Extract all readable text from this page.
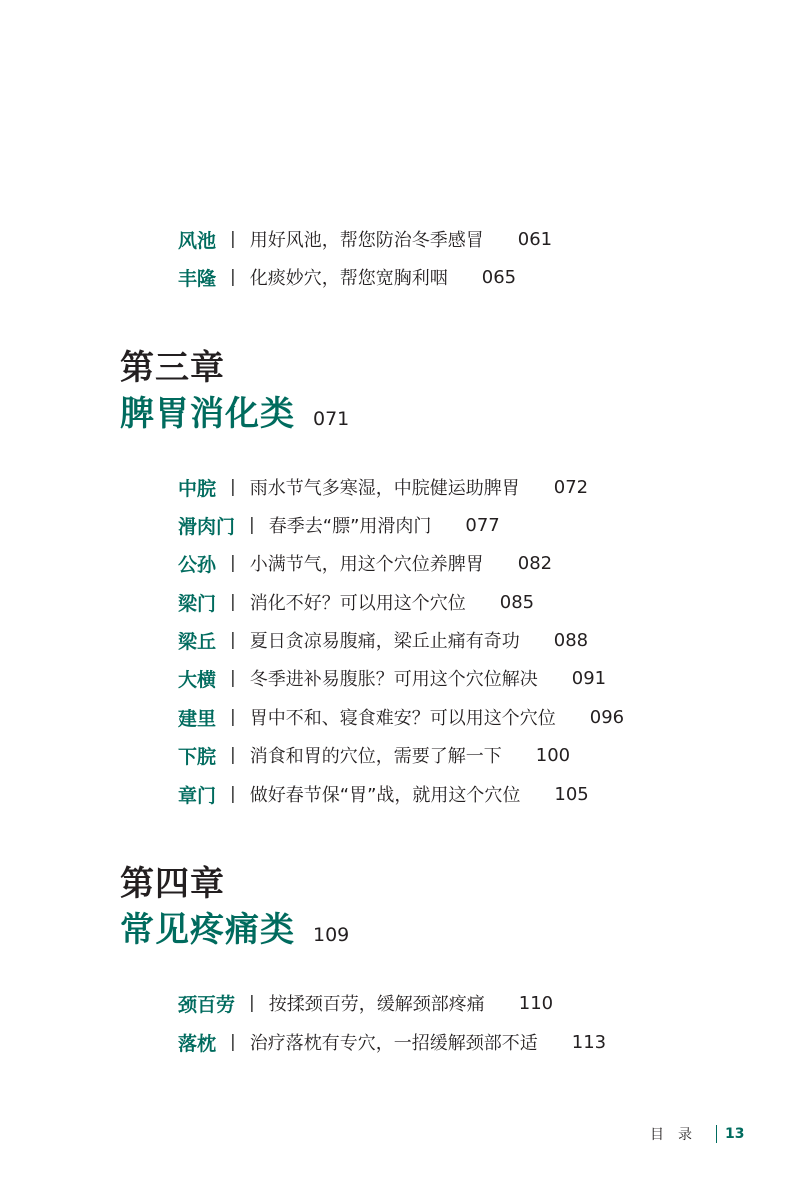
风池 | 用好风池，帮您防治冬季感冒 061
丰隆 | 化痰妙穴，帮您宽胸利咽 065
第三章
脾胃消化类 071
中脘 | 雨水节气多寒湿，中脘健运助脾胃 072
滑肉门 | 春季去“膘”用滑肉门 077
公孙 | 小满节气，用这个穴位养脾胃 082
梁门 | 消化不好？可以用这个穴位 085
梁丘 | 夏日贪凉易腹痛，梁丘止痛有奇功 088
大横 | 冬季进补易腹胀？可用这个穴位解决 091
建里 | 胃中不和、寝食难安？可以用这个穴位 096
下脘 | 消食和胃的穴位，需要了解一下 100
章门 | 做好春节保“胃”战，就用这个穴位 105
第四章
常见疼痛类 109
颈百劳 | 按揉颈百劳，缓解颈部疼痛 110
落枕 | 治疗落枕有专穴，一招缓解颈部不适 113
目录 13
